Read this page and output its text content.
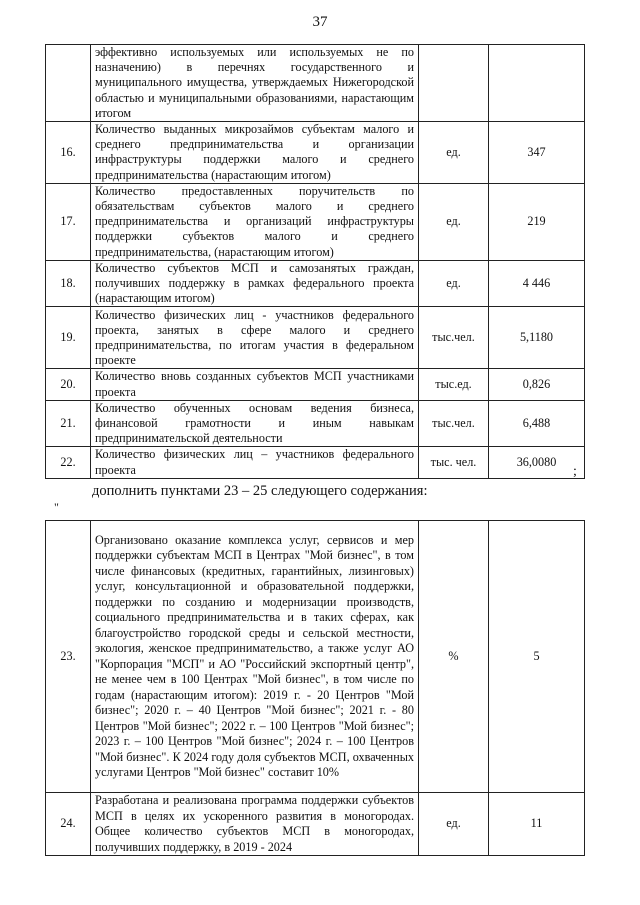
37
	эффективно используемых или используемых не по назначению) в перечнях государственного и муниципального имущества, утверждаемых Нижегородской областью и муниципальными образованиями, нарастающим итогом		
16.	Количество выданных микрозаймов субъектам малого и среднего предпринимательства и организации инфраструктуры поддержки малого и среднего предпринимательства (нарастающим итогом)	ед.	347
17.	Количество предоставленных поручительств по обязательствам субъектов малого и среднего предпринимательства и организаций инфраструктуры поддержки субъектов малого и среднего предпринимательства, (нарастающим итогом)	ед.	219
18.	Количество субъектов МСП и самозанятых граждан, получивших поддержку в рамках федерального проекта (нарастающим итогом)	ед.	4 446
19.	Количество физических лиц - участников федерального проекта, занятых в сфере малого и среднего предпринимательства, по итогам участия в федеральном проекте	тыс.чел.	5,1180
20.	Количество вновь созданных субъектов МСП участниками проекта	тыс.ед.	0,826
21.	Количество обученных основам ведения бизнеса, финансовой грамотности и иным навыкам предпринимательской деятельности	тыс.чел.	6,488
22.	Количество физических лиц – участников федерального проекта	тыс. чел.	36,0080
;
дополнить пунктами 23 – 25 следующего содержания:
"
23.	Организовано оказание комплекса услуг, сервисов и мер поддержки субъектам МСП в Центрах "Мой бизнес", в том числе финансовых (кредитных, гарантийных, лизинговых) услуг, консультационной и образовательной поддержки, поддержки по созданию и модернизации производств, социального предпринимательства и в таких сферах, как благоустройство городской среды и сельской местности, экология, женское предпринимательство, а также услуг АО "Корпорация "МСП" и АО "Российский экспортный центр", не менее чем в 100 Центрах "Мой бизнес", в том числе по годам (нарастающим итогом): 2019 г. - 20 Центров "Мой бизнес"; 2020 г. – 40 Центров "Мой бизнес"; 2021 г. - 80 Центров "Мой бизнес"; 2022 г. – 100 Центров "Мой бизнес"; 2023 г. – 100 Центров "Мой бизнес"; 2024 г. – 100 Центров "Мой бизнес". К 2024 году доля субъектов МСП, охваченных услугами Центров "Мой бизнес" составит 10%	%	5
24.	Разработана и реализована программа поддержки субъектов МСП в целях их ускоренного развития в моногородах. Общее количество субъектов МСП в моногородах, получивших поддержку, в 2019 - 2024	ед.	11
